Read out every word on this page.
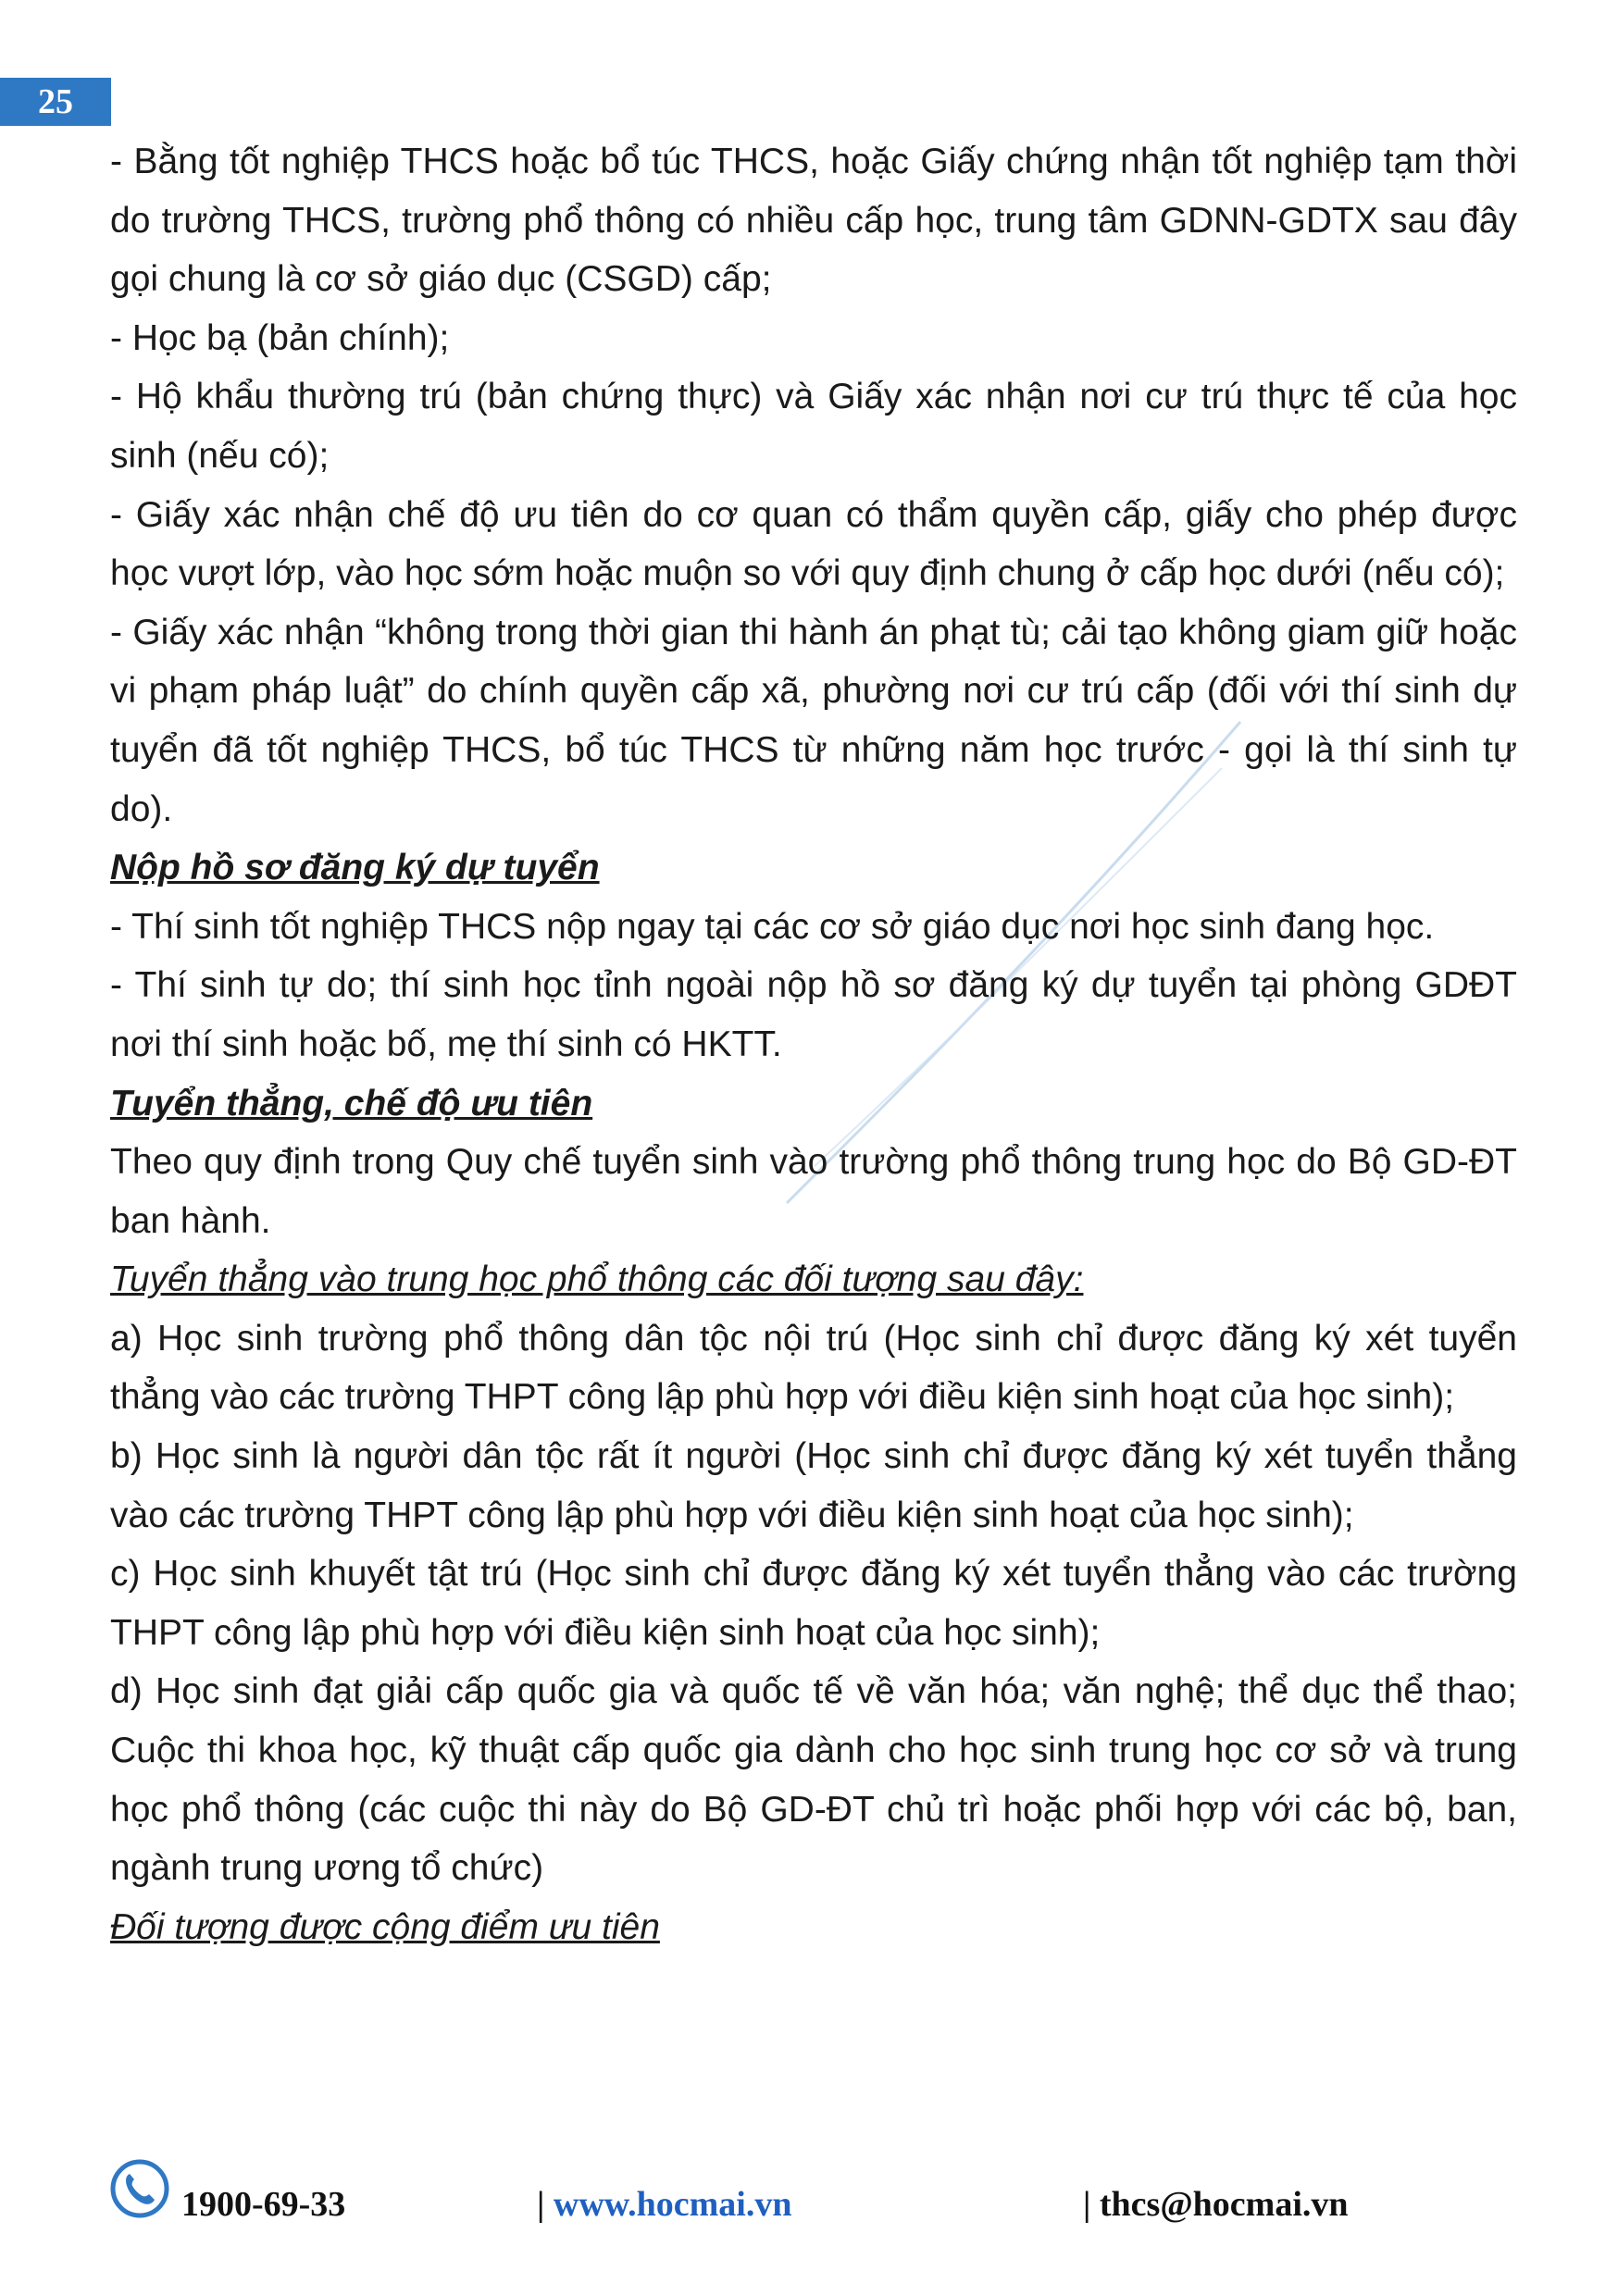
25

- Bằng tốt nghiệp THCS hoặc bổ túc THCS, hoặc Giấy chứng nhận tốt nghiệp tạm thời do trường THCS, trường phổ thông có nhiều cấp học, trung tâm GDNN-GDTX sau đây gọi chung là cơ sở giáo dục (CSGD) cấp;

- Học bạ (bản chính);

- Hộ khẩu thường trú (bản chứng thực) và Giấy xác nhận nơi cư trú thực tế của học sinh (nếu có);

- Giấy xác nhận chế độ ưu tiên do cơ quan có thẩm quyền cấp, giấy cho phép được học vượt lớp, vào học sớm hoặc muộn so với quy định chung ở cấp học dưới (nếu có);

- Giấy xác nhận “không trong thời gian thi hành án phạt tù; cải tạo không giam giữ hoặc vi phạm pháp luật” do chính quyền cấp xã, phường nơi cư trú cấp (đối với thí sinh dự tuyển đã tốt nghiệp THCS, bổ túc THCS từ những năm học trước - gọi là thí sinh tự do).

Nộp hồ sơ đăng ký dự tuyển

- Thí sinh tốt nghiệp THCS nộp ngay tại các cơ sở giáo dục nơi học sinh đang học.

- Thí sinh tự do; thí sinh học tỉnh ngoài nộp hồ sơ đăng ký dự tuyển tại phòng GDĐT nơi thí sinh hoặc bố, mẹ thí sinh có HKTT.

Tuyển thẳng, chế độ ưu tiên

Theo quy định trong Quy chế tuyển sinh vào trường phổ thông trung học do Bộ GD-ĐT ban hành.

Tuyển thẳng vào trung học phổ thông các đối tượng sau đây:

a) Học sinh trường phổ thông dân tộc nội trú (Học sinh chỉ được đăng ký xét tuyển thẳng vào các trường THPT công lập phù hợp với điều kiện sinh hoạt của học sinh);

b) Học sinh là người dân tộc rất ít người (Học sinh chỉ được đăng ký xét tuyển thẳng vào các trường THPT công lập phù hợp với điều kiện sinh hoạt của học sinh);

c) Học sinh khuyết tật trú (Học sinh chỉ được đăng ký xét tuyển thẳng vào các trường THPT công lập phù hợp với điều kiện sinh hoạt của học sinh);

d) Học sinh đạt giải cấp quốc gia và quốc tế về văn hóa; văn nghệ; thể dục thể thao; Cuộc thi khoa học, kỹ thuật cấp quốc gia dành cho học sinh trung học cơ sở và trung học phổ thông (các cuộc thi này do Bộ GD-ĐT chủ trì hoặc phối hợp với các bộ, ban, ngành trung ương tổ chức)

Đối tượng được cộng điểm ưu tiên

1900-69-33	| www.hocmai.vn	| thcs@hocmai.vn
